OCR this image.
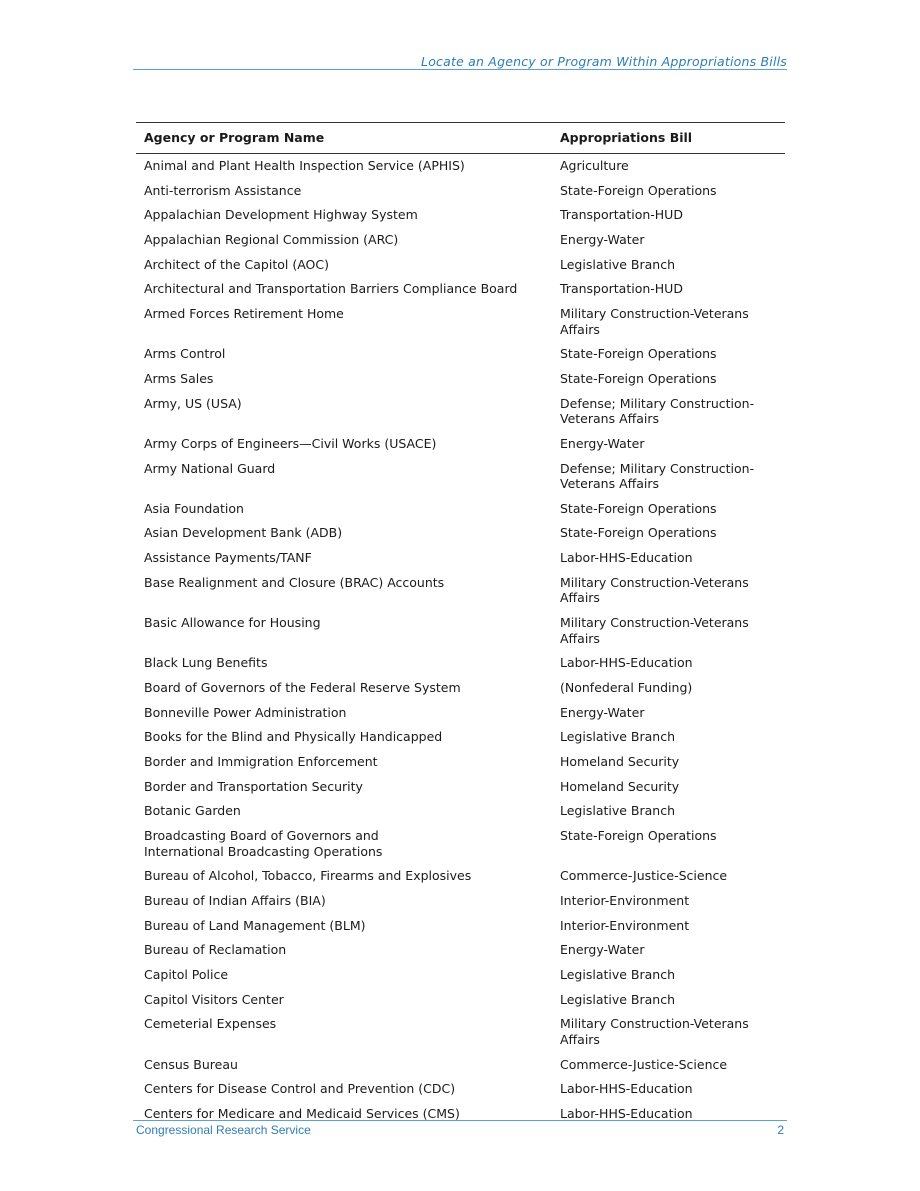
Locate an Agency or Program Within Appropriations Bills
Agency or Program Name	Appropriations Bill
Animal and Plant Health Inspection Service (APHIS)	Agriculture
Anti-terrorism Assistance	State-Foreign Operations
Appalachian Development Highway System	Transportation-HUD
Appalachian Regional Commission (ARC)	Energy-Water
Architect of the Capitol (AOC)	Legislative Branch
Architectural and Transportation Barriers Compliance Board	Transportation-HUD
Armed Forces Retirement Home	Military Construction-Veterans Affairs
Arms Control	State-Foreign Operations
Arms Sales	State-Foreign Operations
Army, US (USA)	Defense; Military Construction-
Veterans Affairs
Army Corps of Engineers—Civil Works (USACE)	Energy-Water
Army National Guard	Defense; Military Construction-
Veterans Affairs
Asia Foundation	State-Foreign Operations
Asian Development Bank (ADB)	State-Foreign Operations
Assistance Payments/TANF	Labor-HHS-Education
Base Realignment and Closure (BRAC) Accounts	Military Construction-Veterans Affairs
Basic Allowance for Housing	Military Construction-Veterans Affairs
Black Lung Benefits	Labor-HHS-Education
Board of Governors of the Federal Reserve System	(Nonfederal Funding)
Bonneville Power Administration	Energy-Water
Books for the Blind and Physically Handicapped	Legislative Branch
Border and Immigration Enforcement	Homeland Security
Border and Transportation Security	Homeland Security
Botanic Garden	Legislative Branch
Broadcasting Board of Governors and
International Broadcasting Operations	State-Foreign Operations
Bureau of Alcohol, Tobacco, Firearms and Explosives	Commerce-Justice-Science
Bureau of Indian Affairs (BIA)	Interior-Environment
Bureau of Land Management (BLM)	Interior-Environment
Bureau of Reclamation	Energy-Water
Capitol Police	Legislative Branch
Capitol Visitors Center	Legislative Branch
Cemeterial Expenses	Military Construction-Veterans Affairs
Census Bureau	Commerce-Justice-Science
Centers for Disease Control and Prevention (CDC)	Labor-HHS-Education
Centers for Medicare and Medicaid Services (CMS)	Labor-HHS-Education
Congressional Research Service	2
